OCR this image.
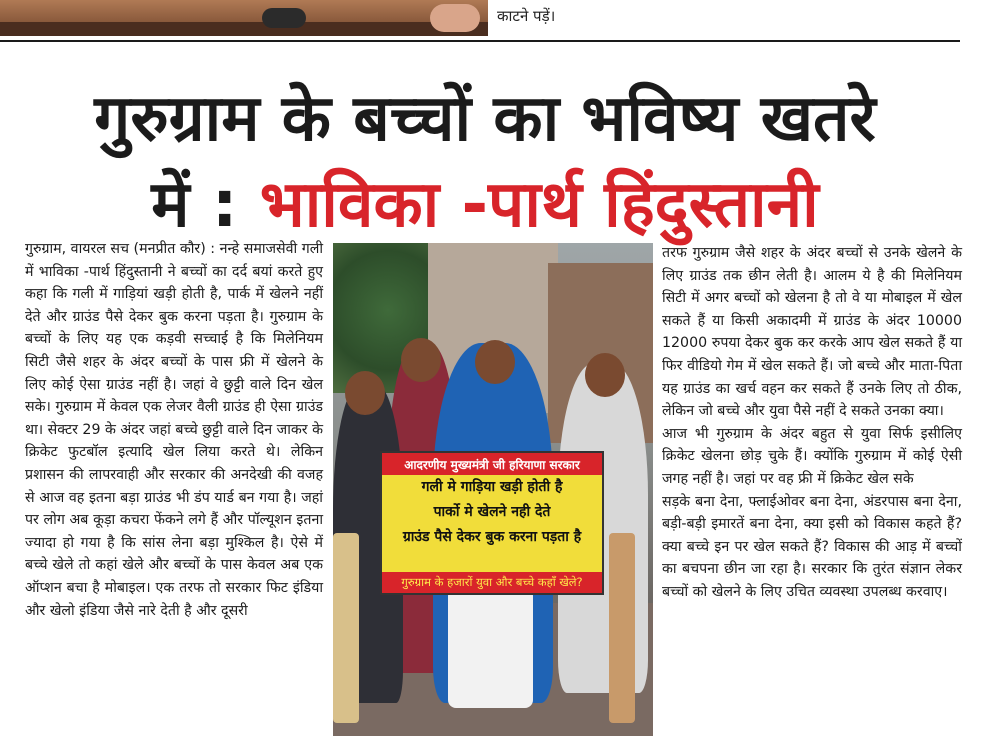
काटने पड़ें।
गुरुग्राम के बच्चों का भविष्य खतरे
में : भाविका -पार्थ हिंदुस्तानी

गुरुग्राम, वायरल सच (मनप्रीत कौर) : नन्हे समाजसेवी गली में भाविका -पार्थ हिंदुस्तानी ने बच्चों का दर्द बयां करते हुए कहा कि गली में गाड़ियां खड़ी होती है, पार्क में खेलने नहीं देते और ग्राउंड पैसे देकर बुक करना पड़ता है। गुरुग्राम के बच्चों के लिए यह एक कड़वी सच्चाई है कि मिलेनियम सिटी जैसे शहर के अंदर बच्चों के पास फ्री में खेलने के लिए कोई ऐसा ग्राउंड नहीं है। जहां वे छुट्टी वाले दिन खेल सके। गुरुग्राम में केवल एक लेजर वैली ग्राउंड ही ऐसा ग्राउंड था। सेक्टर 29 के अंदर जहां बच्चे छुट्टी वाले दिन जाकर के क्रिकेट फुटबॉल इत्यादि खेल लिया करते थे। लेकिन प्रशासन की लापरवाही और सरकार की अनदेखी की वजह से आज वह इतना बड़ा ग्राउंड भी डंप यार्ड बन गया है। जहां पर लोग अब कूड़ा कचरा फेंकने लगे हैं और पॉल्यूशन इतना ज्यादा हो गया है कि सांस लेना बड़ा मुश्किल है। ऐसे में बच्चे खेले तो कहां खेले और बच्चों के पास केवल अब एक ऑप्शन बचा है मोबाइल। एक तरफ तो सरकार फिट इंडिया और खेलो इंडिया जैसे नारे देती है और दूसरी

आदरणीय मुख्यमंत्री जी हरियाणा सरकार
गली मे गाड़िया खड़ी होती है
पार्को मे खेलने नही देते
ग्राउंड पैसे देकर बुक करना पड़ता है
गुरुग्राम के हजारों युवा और बच्चे कहाँ खेले?

तरफ गुरुग्राम जैसे शहर के अंदर बच्चों से उनके खेलने के लिए ग्राउंड तक छीन लेती है। आलम ये है की मिलेनियम सिटी में अगर बच्चों को खेलना है तो वे या मोबाइल में खेल सकते हैं या किसी अकादमी में ग्राउंड के अंदर 10000 12000 रुपया देकर बुक कर करके आप खेल सकते हैं या फिर वीडियो गेम में खेल सकते हैं। जो बच्चे और माता-पिता यह ग्राउंड का खर्च वहन कर सकते हैं उनके लिए तो ठीक, लेकिन जो बच्चे और युवा पैसे नहीं दे सकते उनका क्या।

आज भी गुरुग्राम के अंदर बहुत से युवा सिर्फ इसीलिए क्रिकेट खेलना छोड़ चुके हैं। क्योंकि गुरुग्राम में कोई ऐसी जगह नहीं है। जहां पर वह फ्री में क्रिकेट खेल सके

सड़के बना देना, फ्लाईओवर बना देना, अंडरपास बना देना, बड़ी-बड़ी इमारतें बना देना, क्या इसी को विकास कहते हैं? क्या बच्चे इन पर खेल सकते हैं? विकास की आड़ में बच्चों का बचपना छीन जा रहा है। सरकार कि तुरंत संज्ञान लेकर बच्चों को खेलने के लिए उचित व्यवस्था उपलब्ध करवाए।
